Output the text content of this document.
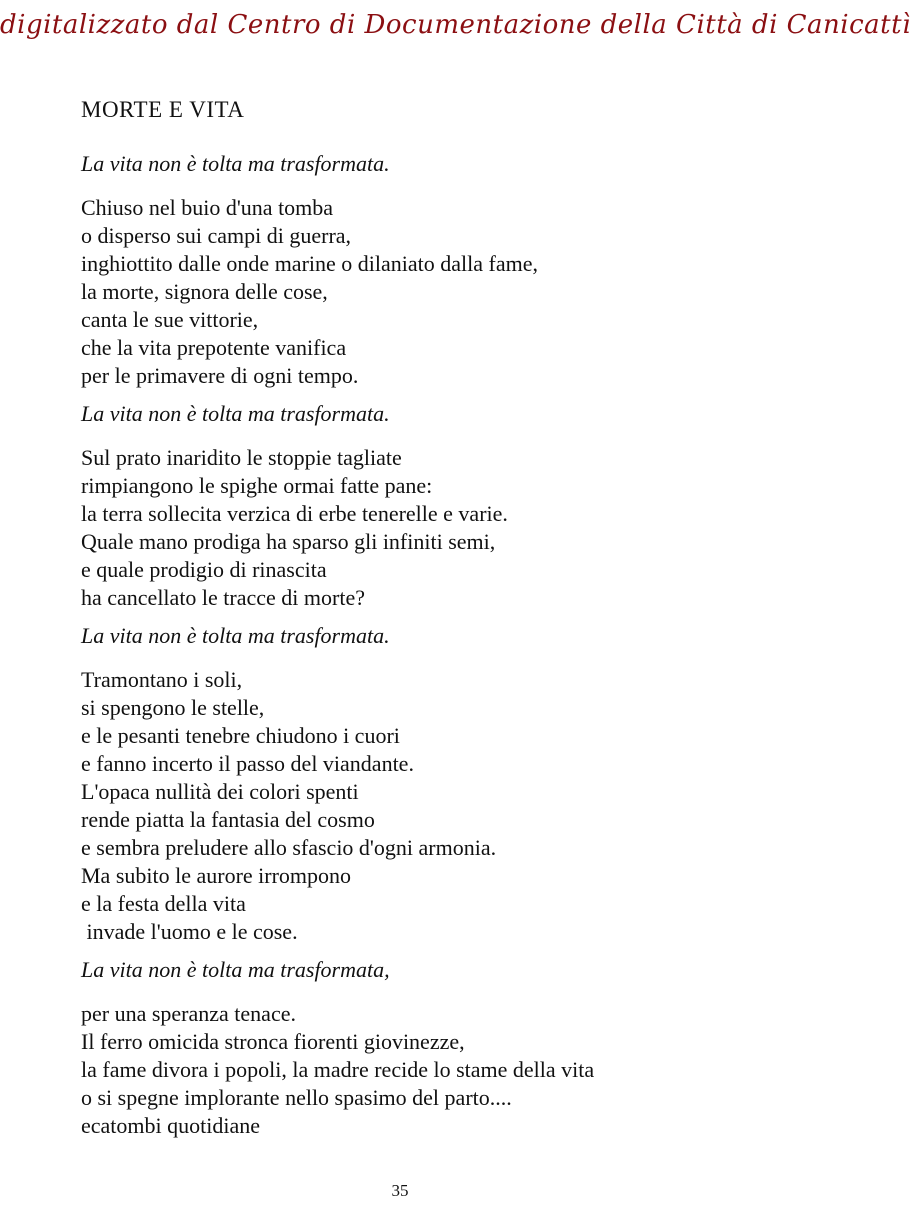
digitalizzato dal Centro di Documentazione della Città di Canicattì
MORTE E VITA
La vita non è tolta ma trasformata.
Chiuso nel buio d'una tomba
o disperso sui campi di guerra,
inghiottito dalle onde marine o dilaniato dalla fame,
la morte, signora delle cose,
canta le sue vittorie,
che la vita prepotente vanifica
per le primavere di ogni tempo.
La vita non è tolta ma trasformata.
Sul prato inaridito le stoppie tagliate
rimpiangono le spighe ormai fatte pane:
la terra sollecita verzica di erbe tenerelle e varie.
Quale mano prodiga ha sparso gli infiniti semi,
e quale prodigio di rinascita
ha cancellato le tracce di morte?
La vita non è tolta ma trasformata.
Tramontano i soli,
si spengono le stelle,
e le pesanti tenebre chiudono i cuori
e fanno incerto il passo del viandante.
L'opaca nullità dei colori spenti
rende piatta la fantasia del cosmo
e sembra preludere allo sfascio d'ogni armonia.
Ma subito le aurore irrompono
e la festa della vita
invade l'uomo e le cose.
La vita non è tolta ma trasformata,
per una speranza tenace.
Il ferro omicida stronca fiorenti giovinezze,
la fame divora i popoli, la madre recide lo stame della vita
o si spegne implorante nello spasimo del parto....
ecatombi quotidiane
35
